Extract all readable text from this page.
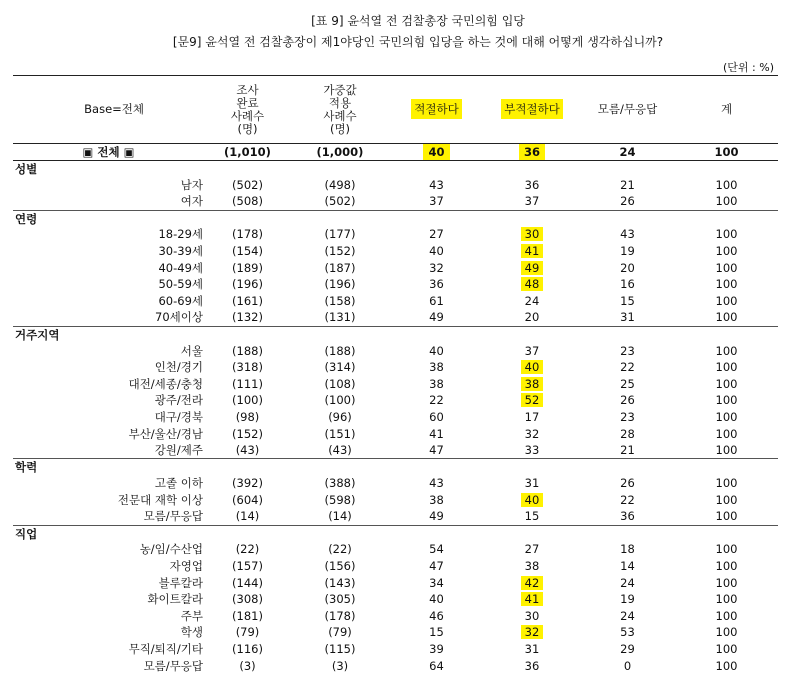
[표 9] 윤석열 전 검찰총장 국민의힘 입당
[문9] 윤석열 전 검찰총장이 제1야당인 국민의힘 입당을 하는 것에 대해 어떻게 생각하십니까?
(단위 : %)
Base=전체	조사
완료
사례수
(명)	가중값
적용
사례수
(명)	적절하다	부적절하다	모름/무응답	계
▣ 전체 ▣	(1,010)	(1,000)	40	36	24	100
성별						
남자	(502)	(498)	43	36	21	100
여자	(508)	(502)	37	37	26	100
연령						
18-29세	(178)	(177)	27	30	43	100
30-39세	(154)	(152)	40	41	19	100
40-49세	(189)	(187)	32	49	20	100
50-59세	(196)	(196)	36	48	16	100
60-69세	(161)	(158)	61	24	15	100
70세이상	(132)	(131)	49	20	31	100
거주지역						
서울	(188)	(188)	40	37	23	100
인천/경기	(318)	(314)	38	40	22	100
대전/세종/충청	(111)	(108)	38	38	25	100
광주/전라	(100)	(100)	22	52	26	100
대구/경북	(98)	(96)	60	17	23	100
부산/울산/경남	(152)	(151)	41	32	28	100
강원/제주	(43)	(43)	47	33	21	100
학력						
고졸 이하	(392)	(388)	43	31	26	100
전문대 재학 이상	(604)	(598)	38	40	22	100
모름/무응답	(14)	(14)	49	15	36	100
직업						
농/임/수산업	(22)	(22)	54	27	18	100
자영업	(157)	(156)	47	38	14	100
블루칼라	(144)	(143)	34	42	24	100
화이트칼라	(308)	(305)	40	41	19	100
주부	(181)	(178)	46	30	24	100
학생	(79)	(79)	15	32	53	100
무직/퇴직/기타	(116)	(115)	39	31	29	100
모름/무응답	(3)	(3)	64	36	0	100
